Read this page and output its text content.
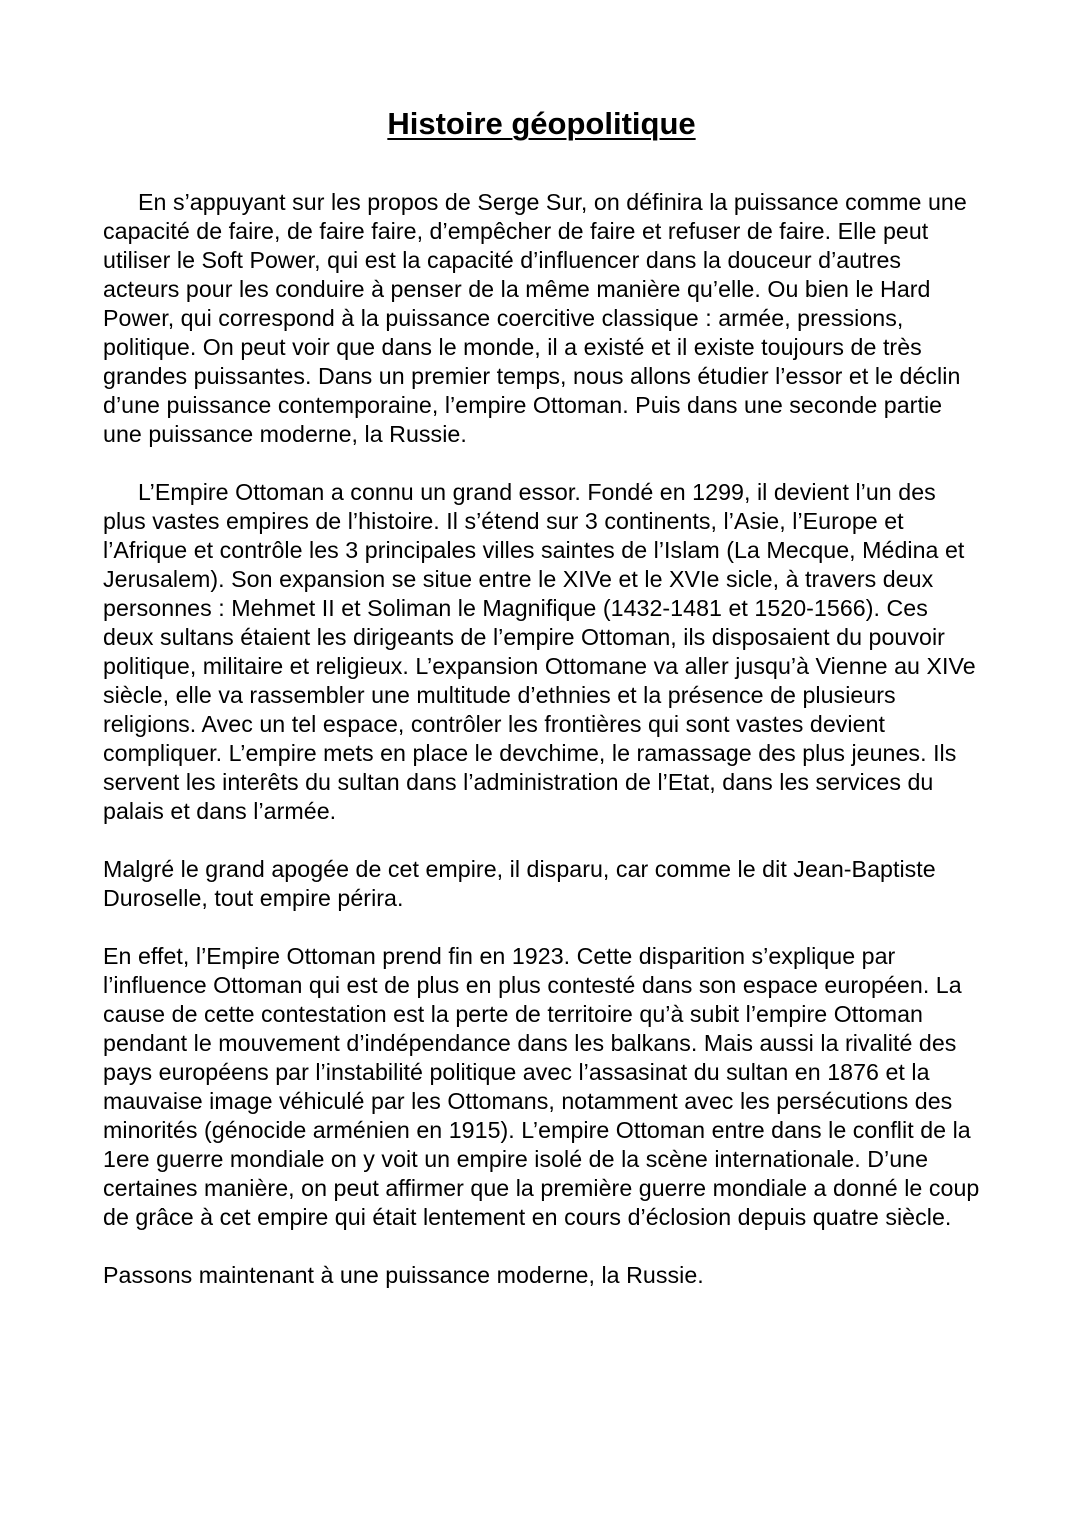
Histoire géopolitique

En s’appuyant sur les propos de Serge Sur, on définira la puissance comme une capacité de faire, de faire faire, d’empêcher de faire et refuser de faire. Elle peut utiliser le Soft Power, qui est la capacité d’influencer dans la douceur d’autres acteurs pour les conduire à penser de la même manière qu’elle. Ou bien le Hard Power, qui correspond à la puissance coercitive classique : armée, pressions, politique. On peut voir que dans le monde, il a existé et il existe toujours de très grandes puissantes. Dans un premier temps, nous allons étudier l’essor et le déclin d’une puissance contemporaine, l’empire Ottoman. Puis dans une seconde partie une puissance moderne, la Russie.

L’Empire Ottoman a connu un grand essor. Fondé en 1299, il devient l’un des plus vastes empires de l’histoire. Il s’étend sur 3 continents, l’Asie, l’Europe et l’Afrique et contrôle les 3 principales villes saintes de l’Islam (La Mecque, Médina et Jerusalem). Son expansion se situe entre le XIVe et le XVIe sicle, à travers deux personnes : Mehmet II et Soliman le Magnifique (1432-1481 et 1520-1566). Ces deux sultans étaient les dirigeants de l’empire Ottoman, ils disposaient du pouvoir politique, militaire et religieux. L’expansion Ottomane va aller jusqu’à Vienne au XIVe siècle, elle va rassembler une multitude d’ethnies et la présence de plusieurs religions. Avec un tel espace, contrôler les frontières qui sont vastes devient compliquer. L’empire mets en place le devchime, le ramassage des plus jeunes. Ils servent les interêts du sultan dans l’administration de l’Etat, dans les services du palais et dans l’armée.

Malgré le grand apogée de cet empire, il disparu, car comme le dit Jean-Baptiste Duroselle, tout empire périra.

En effet, l’Empire Ottoman prend fin en 1923. Cette disparition s’explique par l’influence Ottoman qui est de plus en plus contesté dans son espace européen. La cause de cette contestation est la perte de territoire qu’à subit l’empire Ottoman pendant le mouvement d’indépendance dans les balkans. Mais aussi la rivalité des pays européens par l’instabilité politique avec l’assasinat du sultan en 1876 et la mauvaise image véhiculé par les Ottomans, notamment avec les persécutions des minorités (génocide arménien en 1915). L’empire Ottoman entre dans le conflit de la 1ere guerre mondiale on y voit un empire isolé de la scène internationale. D’une certaines manière, on peut affirmer que la première guerre mondiale a donné le coup de grâce à cet empire qui était lentement en cours d’éclosion depuis quatre siècle.

Passons maintenant à une puissance moderne, la Russie.
